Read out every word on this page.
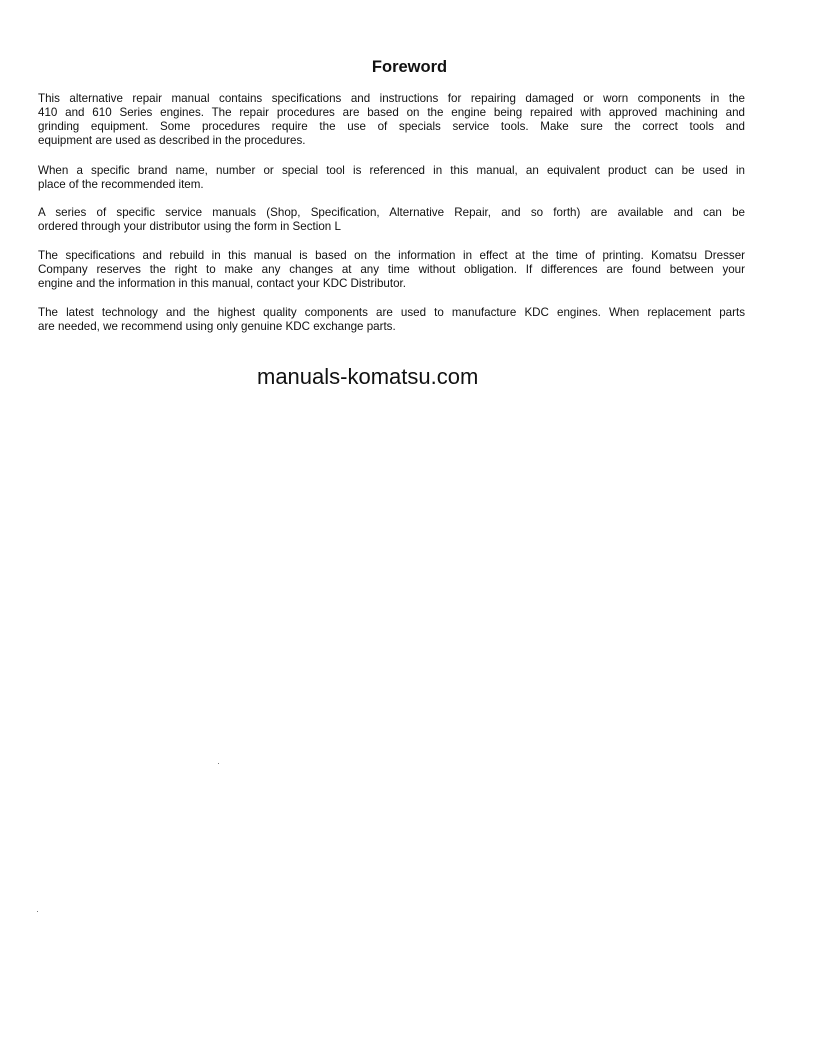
Foreword
This alternative repair manual contains specifications and instructions for repairing damaged or worn components in the
410 and 610 Series engines. The repair procedures are based on the engine being repaired with approved machining and
grinding equipment. Some procedures require the use of specials service tools. Make sure the correct tools and
equipment are used as described in the procedures.
When a specific brand name, number or special tool is referenced in this manual, an equivalent product can be used in
place of the recommended item.
A series of specific service manuals (Shop, Specification, Alternative Repair, and so forth) are available and can be
ordered through your distributor using the form in Section L
The specifications and rebuild in this manual is based on the information in effect at the time of printing. Komatsu Dresser
Company reserves the right to make any changes at any time without obligation. If differences are found between your
engine and the information in this manual, contact your KDC Distributor.
The latest technology and the highest quality components are used to manufacture KDC engines. When replacement parts
are needed, we recommend using only genuine KDC exchange parts.
manuals-komatsu.com
